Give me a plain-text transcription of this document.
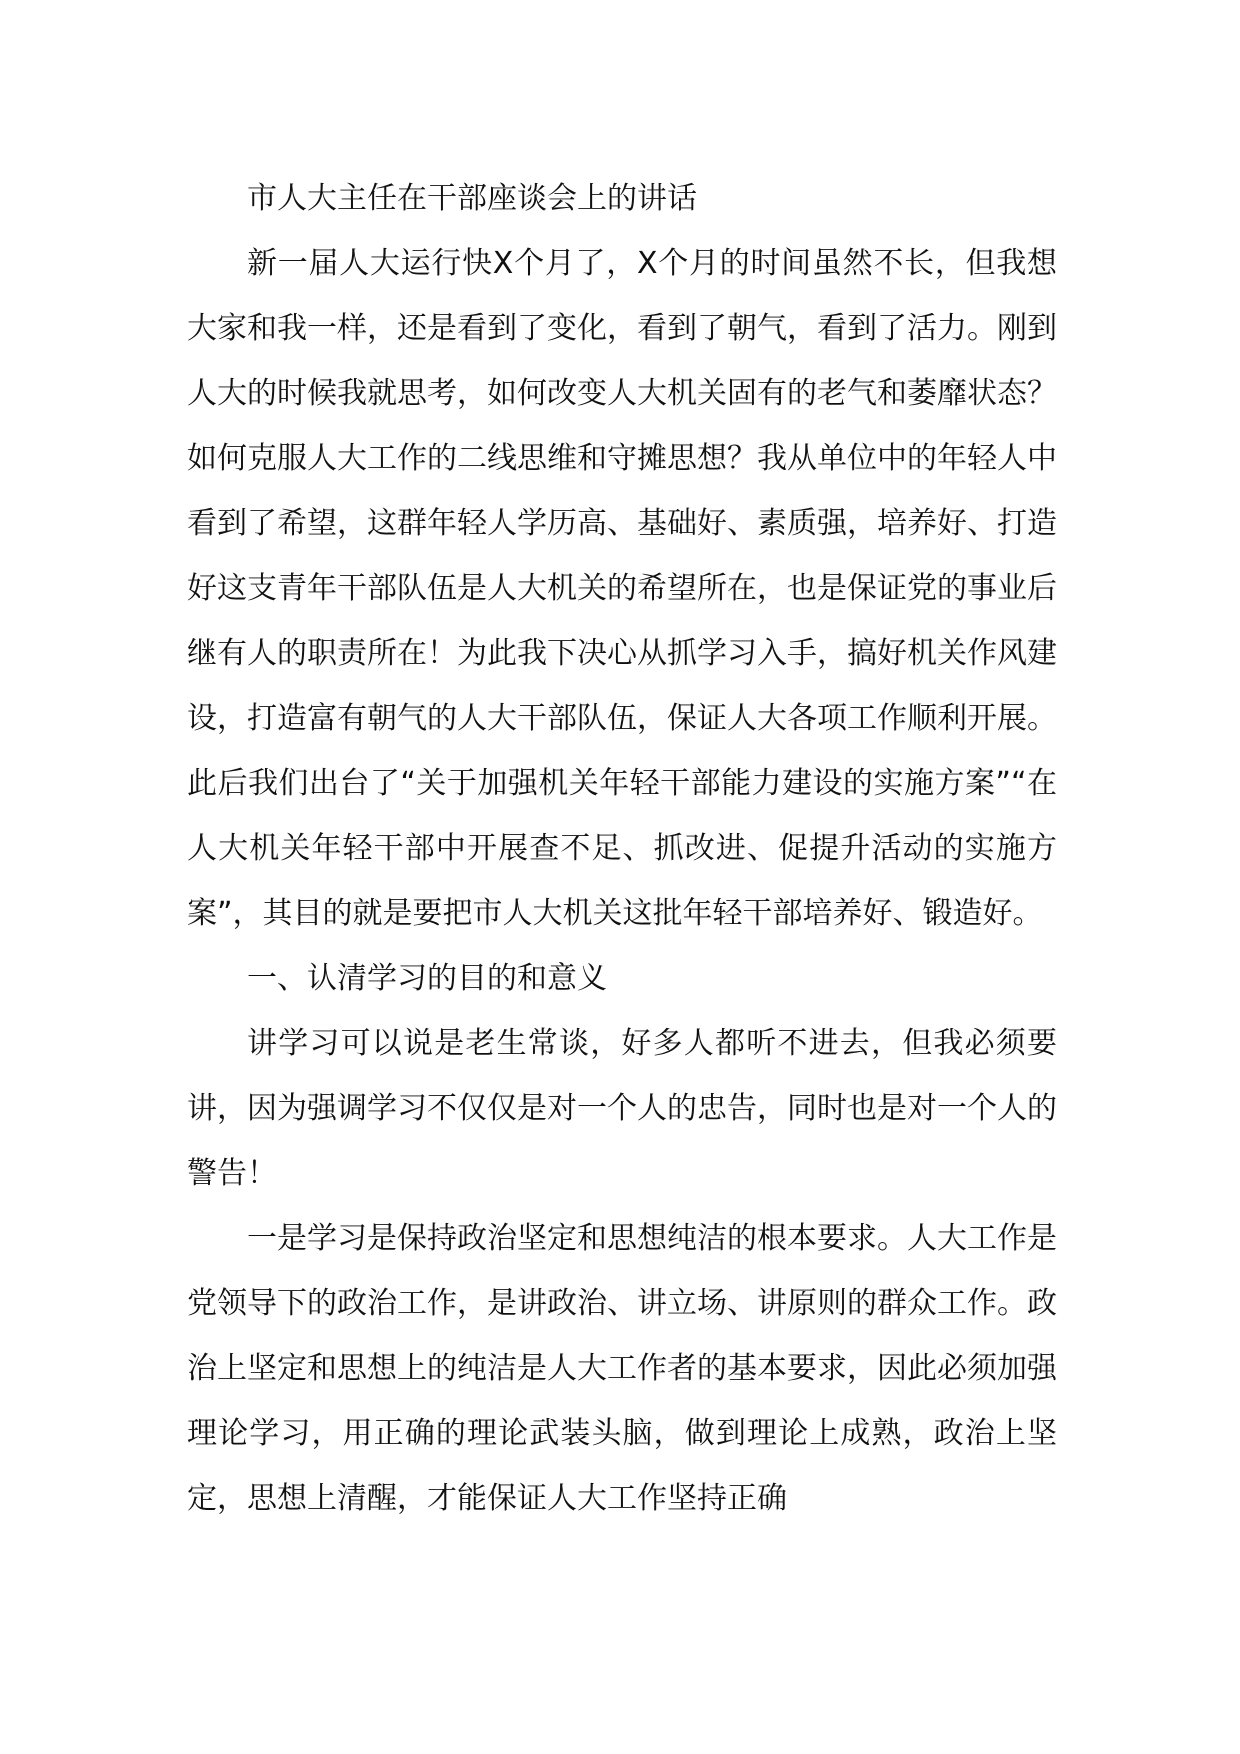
市人大主任在干部座谈会上的讲话

新一届人大运行快X个月了，X个月的时间虽然不长，但我想大家和我一样，还是看到了变化，看到了朝气，看到了活力。刚到人大的时候我就思考，如何改变人大机关固有的老气和萎靡状态？如何克服人大工作的二线思维和守摊思想？我从单位中的年轻人中看到了希望，这群年轻人学历高、基础好、素质强，培养好、打造好这支青年干部队伍是人大机关的希望所在，也是保证党的事业后继有人的职责所在！为此我下决心从抓学习入手，搞好机关作风建设，打造富有朝气的人大干部队伍，保证人大各项工作顺利开展。此后我们出台了“关于加强机关年轻干部能力建设的实施方案”“在人大机关年轻干部中开展查不足、抓改进、促提升活动的实施方案”，其目的就是要把市人大机关这批年轻干部培养好、锻造好。

一、认清学习的目的和意义

讲学习可以说是老生常谈，好多人都听不进去，但我必须要讲，因为强调学习不仅仅是对一个人的忠告，同时也是对一个人的警告！

一是学习是保持政治坚定和思想纯洁的根本要求。人大工作是党领导下的政治工作，是讲政治、讲立场、讲原则的群众工作。政治上坚定和思想上的纯洁是人大工作者的基本要求，因此必须加强理论学习，用正确的理论武装头脑，做到理论上成熟，政治上坚定，思想上清醒，才能保证人大工作坚持正确
